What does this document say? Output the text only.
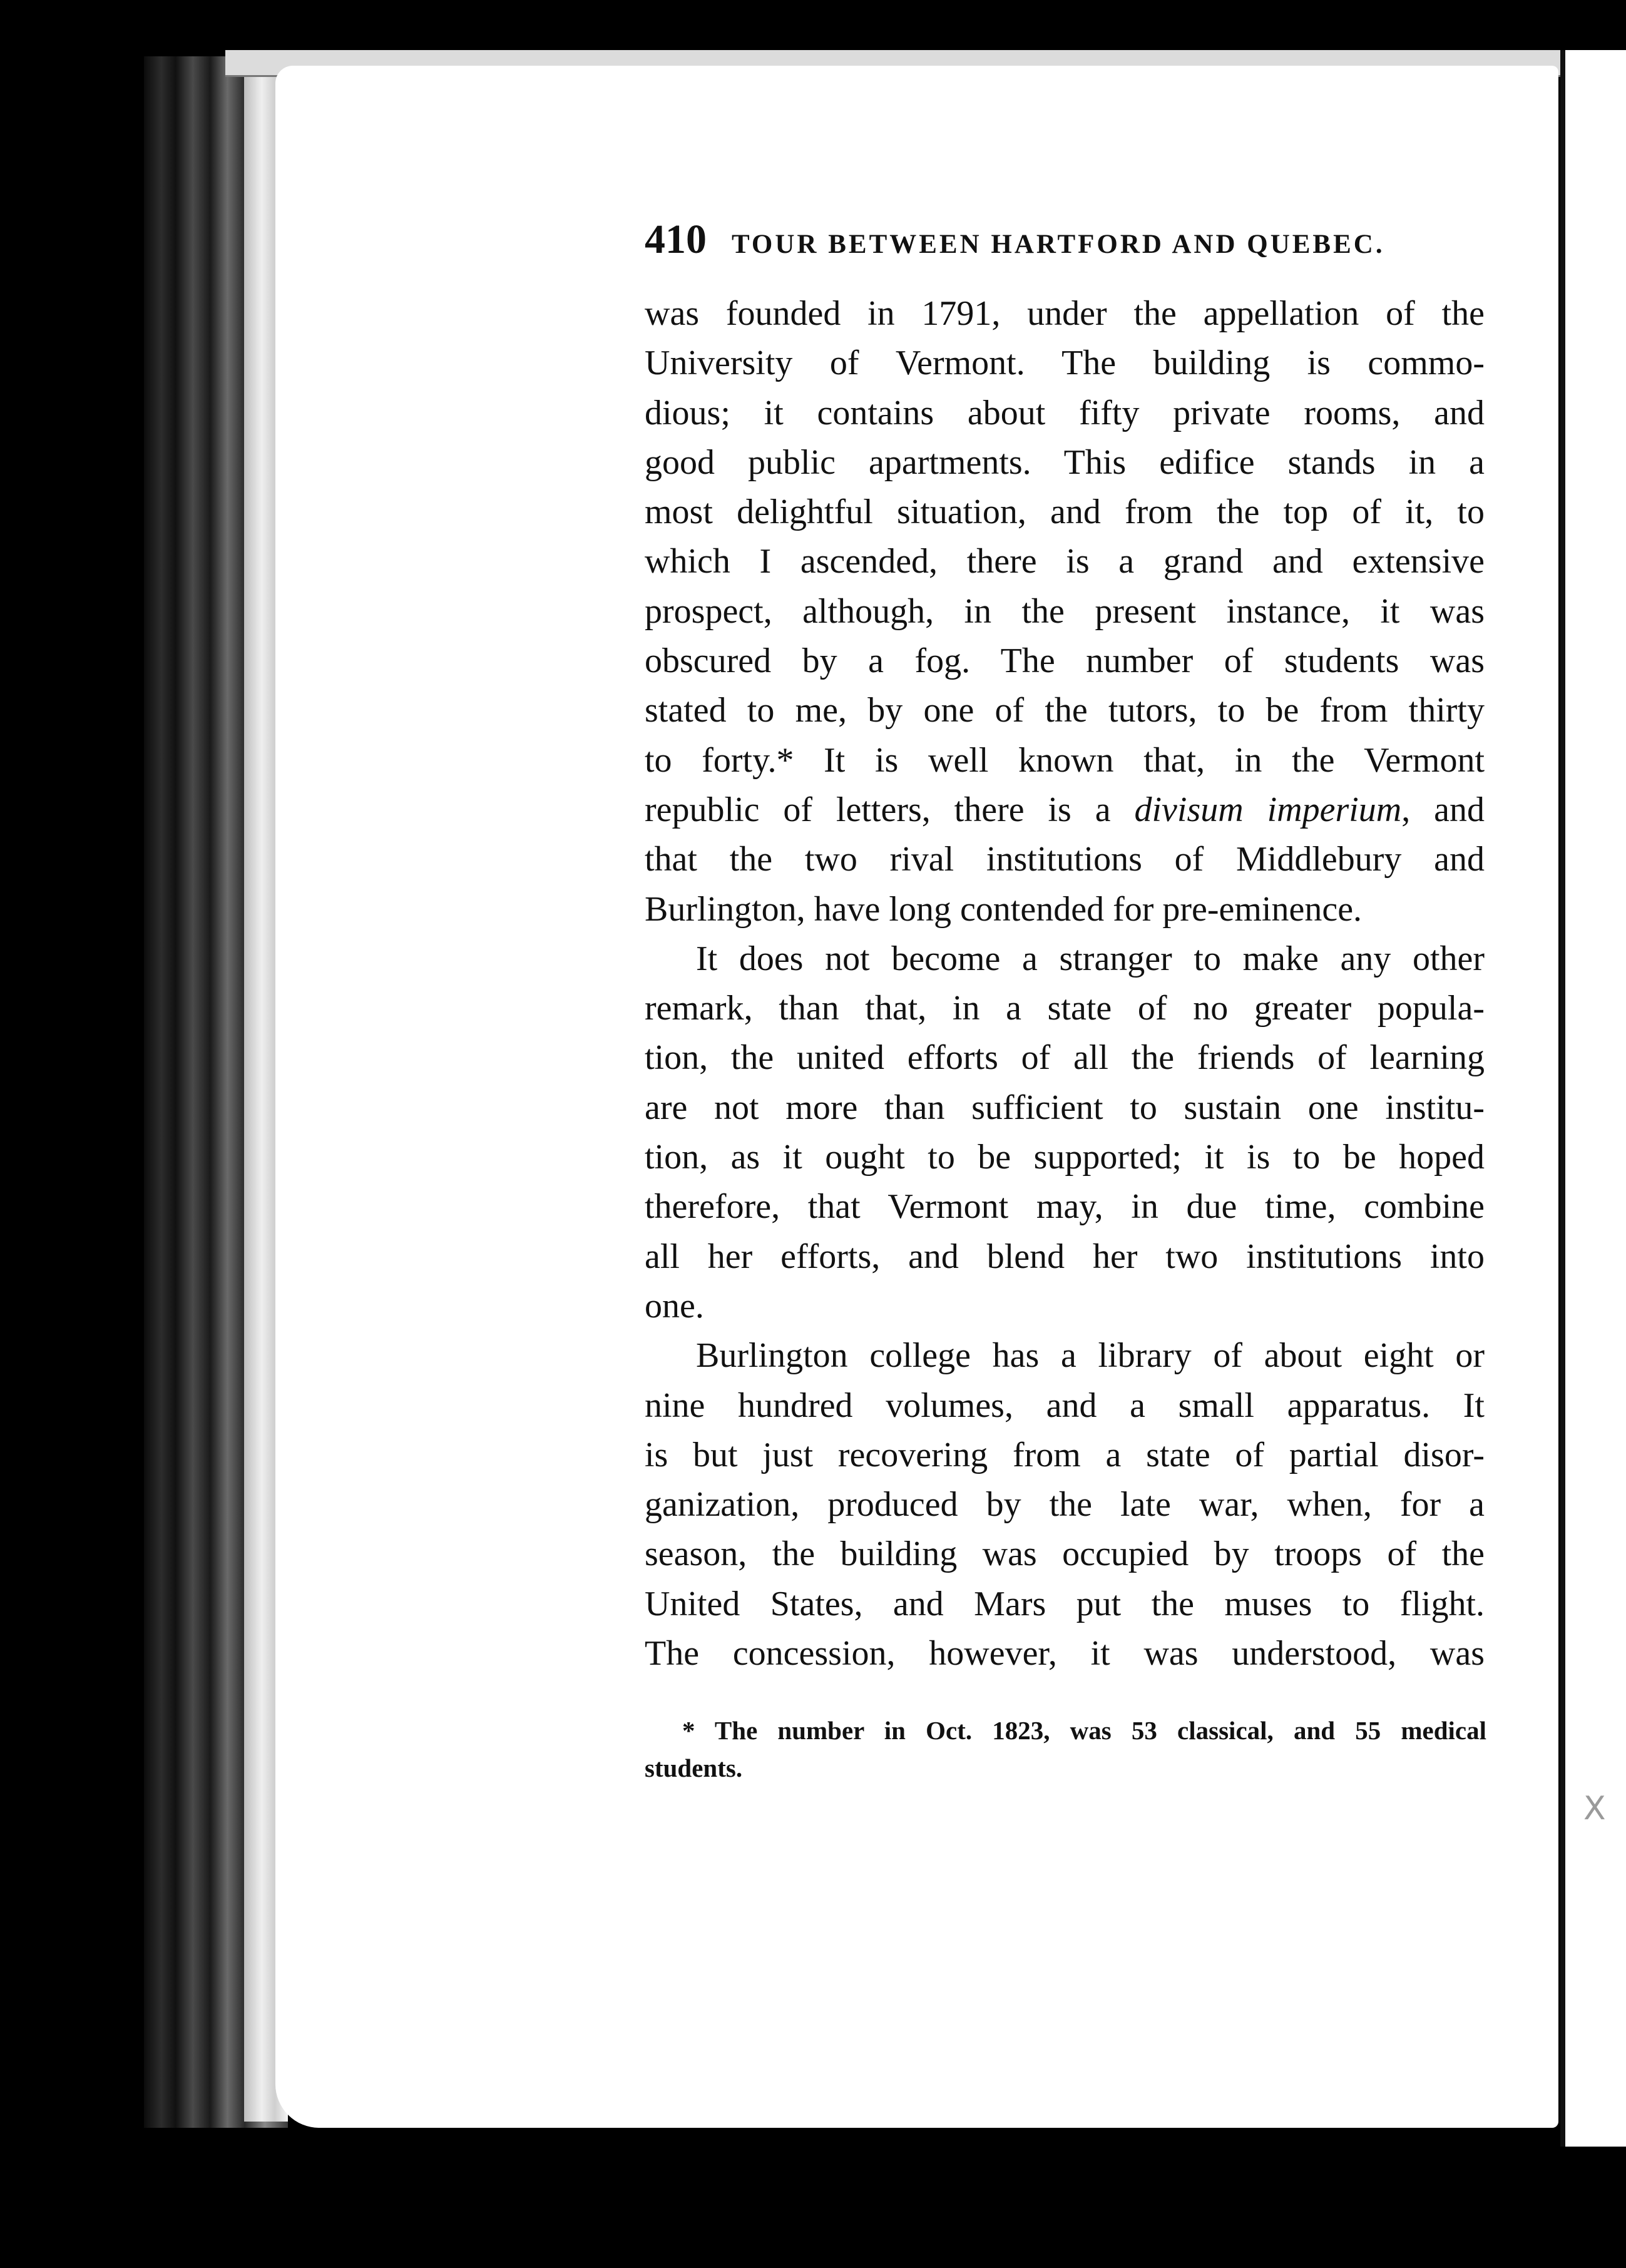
410 TOUR BETWEEN HARTFORD AND QUEBEC.
was founded in 1791, under the appellation of the
University of Vermont. The building is commo-
dious; it contains about fifty private rooms, and
good public apartments. This edifice stands in a
most delightful situation, and from the top of it, to
which I ascended, there is a grand and extensive
prospect, although, in the present instance, it was
obscured by a fog. The number of students was
stated to me, by one of the tutors, to be from thirty
to forty.* It is well known that, in the Vermont
republic of letters, there is a divisum imperium, and
that the two rival institutions of Middlebury and
Burlington, have long contended for pre-eminence.
It does not become a stranger to make any other
remark, than that, in a state of no greater popula-
tion, the united efforts of all the friends of learning
are not more than sufficient to sustain one institu-
tion, as it ought to be supported; it is to be hoped
therefore, that Vermont may, in due time, combine
all her efforts, and blend her two institutions into
one.
Burlington college has a library of about eight or
nine hundred volumes, and a small apparatus. It
is but just recovering from a state of partial disor-
ganization, produced by the late war, when, for a
season, the building was occupied by troops of the
United States, and Mars put the muses to flight.
The concession, however, it was understood, was
* The number in Oct. 1823, was 53 classical, and 55 medical
students.
X
